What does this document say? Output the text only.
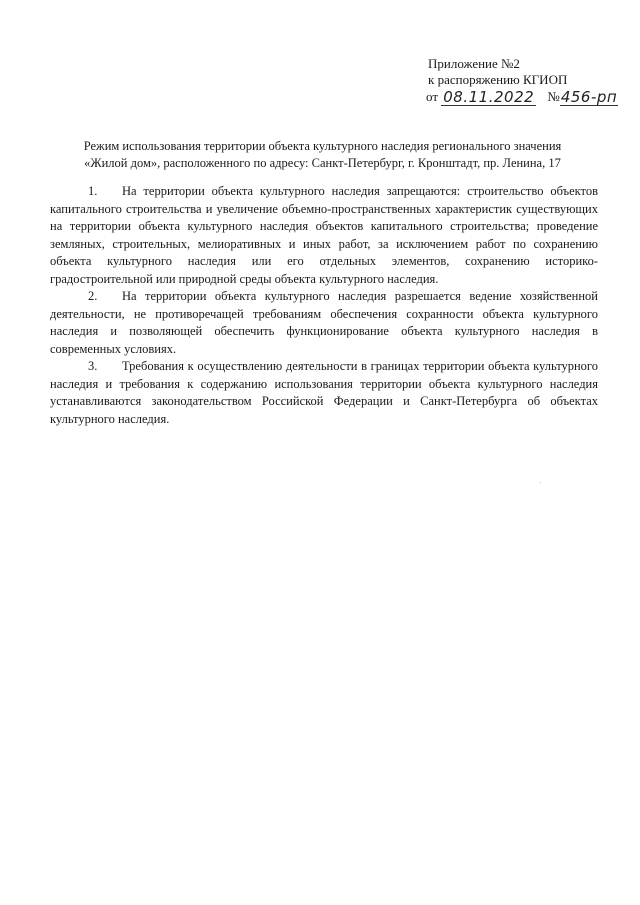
Приложение №2
к распоряжению КГИОП
от 08.11.2022 №456-рп
Режим использования территории объекта культурного наследия регионального значения
«Жилой дом», расположенного по адресу: Санкт-Петербург, г. Кронштадт, пр. Ленина, 17

1. На территории объекта культурного наследия запрещаются: строительство объектов капитального строительства и увеличение объемно-пространственных характеристик существующих на территории объекта культурного наследия объектов капитального строительства; проведение земляных, строительных, мелиоративных и иных работ, за исключением работ по сохранению объекта культурного наследия или его отдельных элементов, сохранению историко-градостроительной или природной среды объекта культурного наследия.

2. На территории объекта культурного наследия разрешается ведение хозяйственной деятельности, не противоречащей требованиям обеспечения сохранности объекта культурного наследия и позволяющей обеспечить функционирование объекта культурного наследия в современных условиях.

3. Требования к осуществлению деятельности в границах территории объекта культурного наследия и требования к содержанию использования территории объекта культурного наследия устанавливаются законодательством Российской Федерации и Санкт-Петербурга об объектах культурного наследия.
